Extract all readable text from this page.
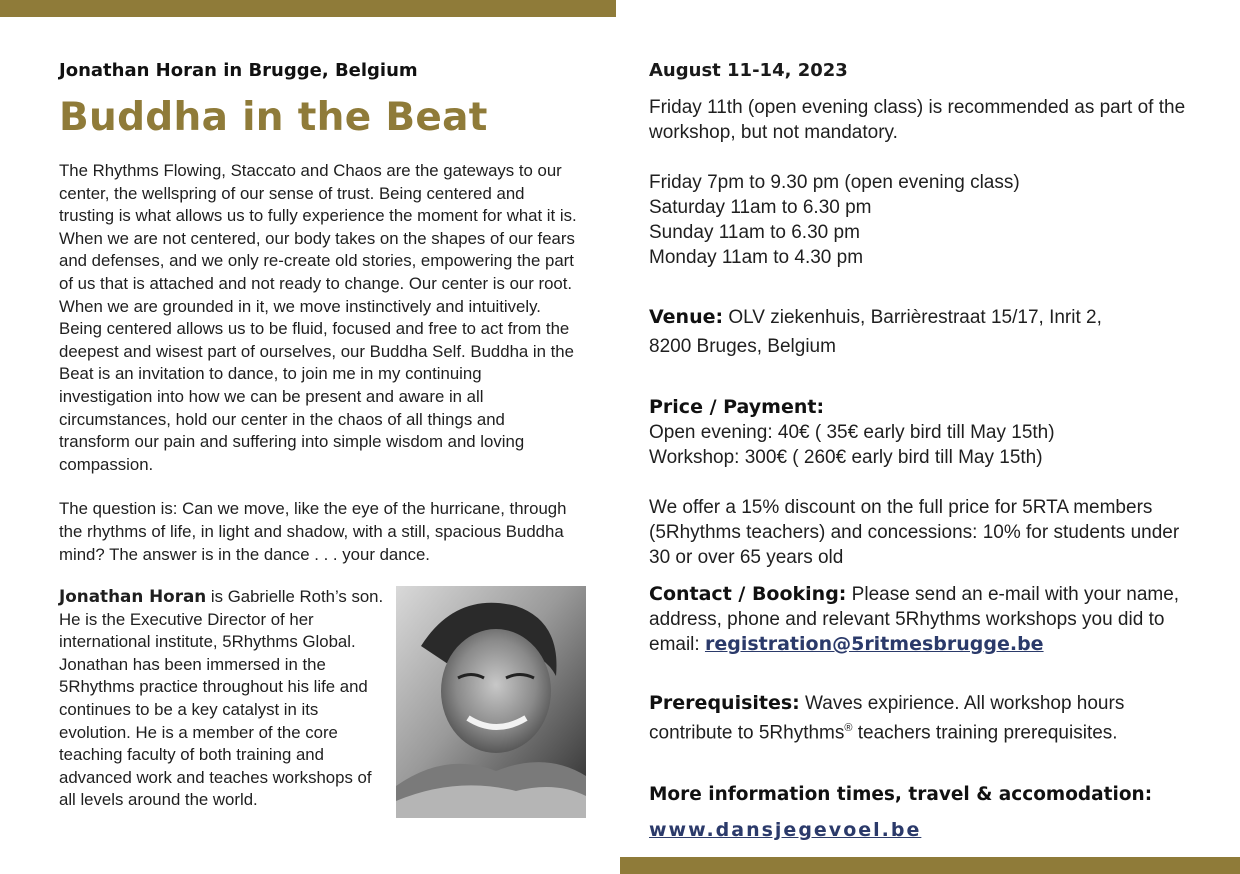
Jonathan Horan in Brugge, Belgium
Buddha in the Beat

The Rhythms Flowing, Staccato and Chaos are the gateways to our center, the wellspring of our sense of trust. Being centered and trusting is what allows us to fully experience the moment for what it is. When we are not centered, our body takes on the shapes of our fears and defenses, and we only re-create old stories, empowering the part of us that is attached and not ready to change. Our center is our root. When we are grounded in it, we move instinctively and intuitively. Being centered allows us to be fluid, focused and free to act from the deepest and wisest part of ourselves, our Buddha Self. Buddha in the Beat is an invitation to dance, to join me in my continuing investigation into how we can be present and aware in all circumstances, hold our center in the chaos of all things and transform our pain and suffering into simple wisdom and loving compassion.

The question is: Can we move, like the eye of the hurricane, through the rhythms of life, in light and shadow, with a still, spacious Buddha mind? The answer is in the dance . . . your dance.

Jonathan Horan is Gabrielle Roth’s son. He is the Executive Director of her international institute, 5Rhythms Global. Jonathan has been immersed in the 5Rhythms practice throughout his life and continues to be a key catalyst in its evolution. He is a member of the core teaching faculty of both training and advanced work and teaches workshops of all levels around the world.

August 11-14, 2023

Friday 11th (open evening class) is recommended as part of the workshop, but not mandatory.

Friday 7pm to 9.30 pm (open evening class)
Saturday 11am to 6.30 pm
Sunday 11am to 6.30 pm
Monday 11am to 4.30 pm

Venue: OLV ziekenhuis, Barrièrestraat 15/17, Inrit 2,
8200 Bruges, Belgium

Price / Payment:
Open evening: 40€ ( 35€ early bird till May 15th)
Workshop: 300€ ( 260€ early bird till May 15th)

We offer a 15% discount on the full price for 5RTA members (5Rhythms teachers) and concessions: 10% for students under 30 or over 65 years old

Contact / Booking: Please send an e-mail with your name, address, phone and relevant 5Rhythms workshops you did to email: registration@5ritmesbrugge.be

Prerequisites: Waves expirience. All workshop hours contribute to 5Rhythms® teachers training prerequisites.

More information times, travel & accomodation:

www.dansjegevoel.be
